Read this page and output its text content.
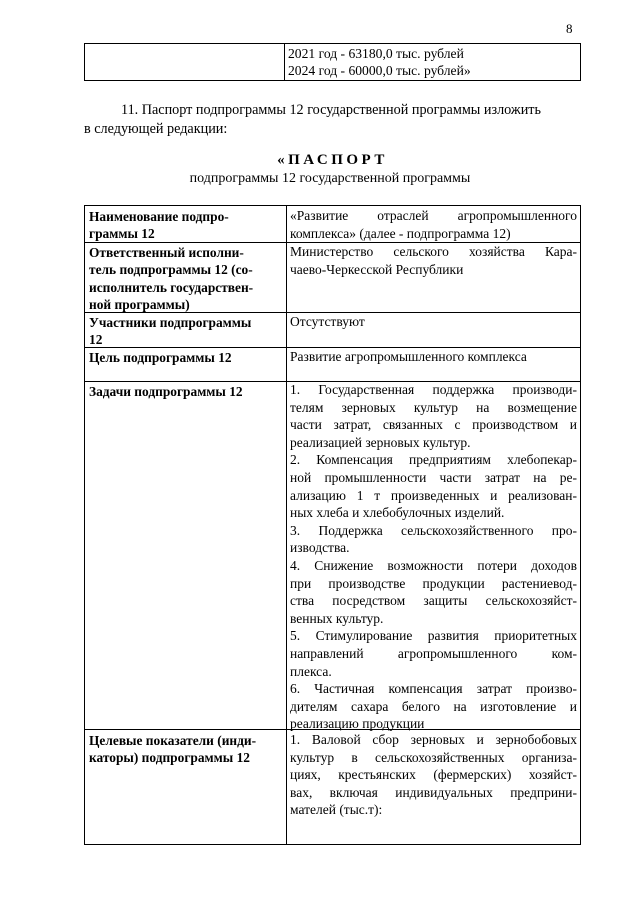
8
2021 год - 63180,0 тыс. рублей
2024 год - 60000,0 тыс. рублей»
11. Паспорт подпрограммы 12 государственной программы изложить
в следующей редакции:
«ПАСПОРТ
подпрограммы 12 государственной программы
Наименование подпро-
граммы 12
«Развитие отраслей агропромышленного
комплекса» (далее - подпрограмма 12)
Ответственный исполни-
тель подпрограммы 12 (со-
исполнитель государствен-
ной программы)
Министерство сельского хозяйства Кара-
чаево-Черкесской Республики
Участники подпрограммы
12
Отсутствуют
Цель подпрограммы 12	Развитие агропромышленного комплекса
Задачи подпрограммы 12	1. Государственная поддержка производи-
телям зерновых культур на возмещение
части затрат, связанных с производством и
реализацией зерновых культур.
2. Компенсация предприятиям хлебопекар-
ной промышленности части затрат на ре-
ализацию 1 т произведенных и реализован-
ных хлеба и хлебобулочных изделий.
3. Поддержка сельскохозяйственного про-
изводства.
4. Снижение возможности потери доходов
при производстве продукции растениевод-
ства посредством защиты сельскохозяйст-
венных культур.
5. Стимулирование развития приоритетных
направлений агропромышленного ком-
плекса.
6. Частичная компенсация затрат произво-
дителям сахара белого на изготовление и
реализацию продукции
Целевые показатели (инди-
каторы) подпрограммы 12
1. Валовой сбор зерновых и зернобобовых
культур в сельскохозяйственных организа-
циях, крестьянских (фермерских) хозяйст-
вах, включая индивидуальных предприни-
мателей (тыс.т):
